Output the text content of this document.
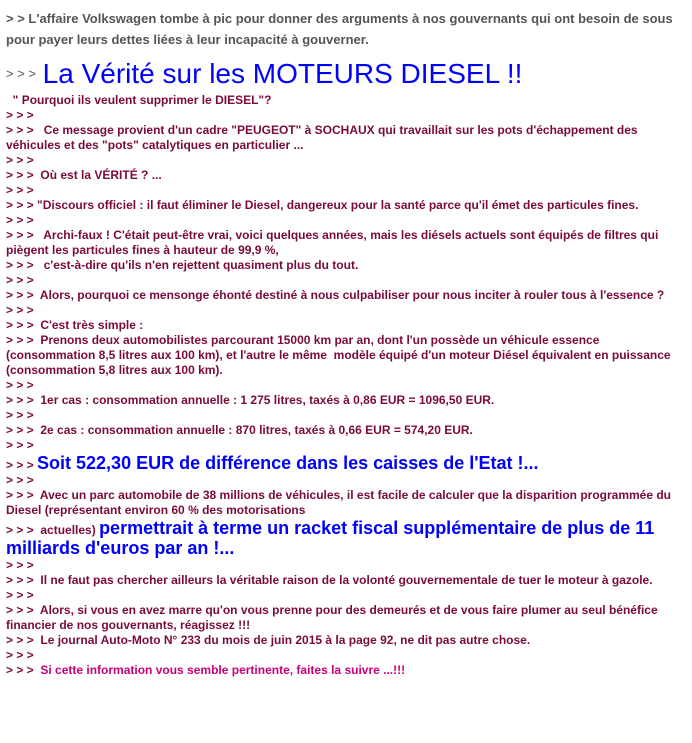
> > L'affaire Volkswagen tombe à pic pour donner des arguments à nos gouvernants qui ont besoin de sous pour payer leurs dettes liées à leur incapacité à gouverner.

> > > La Vérité sur les MOTEURS DIESEL !!

" Pourquoi ils veulent supprimer le DIESEL"?

> > >

> > >   Ce message provient d'un cadre "PEUGEOT" à SOCHAUX qui travaillait sur les pots d'échappement des véhicules et des "pots" catalytiques en particulier ...

> > >

> > >  Où est la VÉRITÉ ? ...

> > >

> > > "Discours officiel : il faut éliminer le Diesel, dangereux pour la santé parce qu'il émet des particules fines.

> > >

> > >   Archi-faux ! C'était peut-être vrai, voici quelques années, mais les diésels actuels sont équipés de filtres qui piègent les particules fines à hauteur de 99,9 %,

> > >   c'est-à-dire qu'ils n'en rejettent quasiment plus du tout.

> > >

> > >  Alors, pourquoi ce mensonge éhonté destiné à nous culpabiliser pour nous inciter à rouler tous à l'essence ?

> > >

> > >  C'est très simple :

> > >  Prenons deux automobilistes parcourant 15000 km par an, dont l'un possède un véhicule essence (consommation 8,5 litres aux 100 km), et l'autre le même  modèle équipé d'un moteur Diésel équivalent en puissance (consommation 5,8 litres aux 100 km).

> > >

> > >  1er cas : consommation annuelle : 1 275 litres, taxés à 0,86 EUR = 1096,50 EUR.

> > >

> > >  2e cas : consommation annuelle : 870 litres, taxés à 0,66 EUR = 574,20 EUR.

> > >

> > > Soit 522,30 EUR de différence dans les caisses de l'Etat !...

> > >

> > >  Avec un parc automobile de 38 millions de véhicules, il est facile de calculer que la disparition programmée du Diesel (représentant environ 60 % des motorisations

> > >  actuelles) permettrait à terme un racket fiscal supplémentaire de plus de 11 milliards d'euros par an !...

> > >

> > >  Il ne faut pas chercher ailleurs la véritable raison de la volonté gouvernementale de tuer le moteur à gazole.

> > >

> > >  Alors, si vous en avez marre qu'on vous prenne pour des demeurés et de vous faire plumer au seul bénéfice financier de nos gouvernants, réagissez !!!

> > >  Le journal Auto-Moto N° 233 du mois de juin 2015 à la page 92, ne dit pas autre chose.

> > >

> > >  Si cette information vous semble pertinente, faites la suivre ...!!!
